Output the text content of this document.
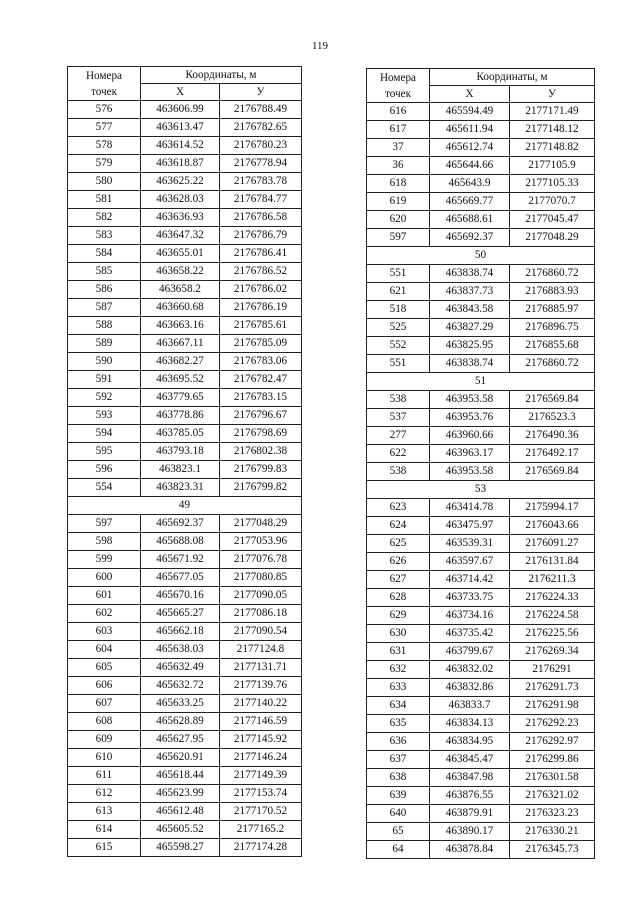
119
Номера
точек	Координаты, м	
	X	У
576	463606.99	2176788.49
577	463613.47	2176782.65
578	463614.52	2176780.23
579	463618.87	2176778.94
580	463625.22	2176783.78
581	463628.03	2176784.77
582	463636.93	2176786.58
583	463647.32	2176786.79
584	463655.01	2176786.41
585	463658.22	2176786.52
586	463658.2	2176786.02
587	463660.68	2176786.19
588	463663.16	2176785.61
589	463667.11	2176785.09
590	463682.27	2176783.06
591	463695.52	2176782.47
592	463779.65	2176783.15
593	463778.86	2176796.67
594	463785.05	2176798.69
595	463793.18	2176802.38
596	463823.1	2176799.83
554	463823.31	2176799.82
49		
597	465692.37	2177048.29
598	465688.08	2177053.96
599	465671.92	2177076.78
600	465677.05	2177080.85
601	465670.16	2177090.05
602	465665.27	2177086.18
603	465662.18	2177090.54
604	465638.03	2177124.8
605	465632.49	2177131.71
606	465632.72	2177139.76
607	465633.25	2177140.22
608	465628.89	2177146.59
609	465627.95	2177145.92
610	465620.91	2177146.24
611	465618.44	2177149.39
612	465623.99	2177153.74
613	465612.48	2177170.52
614	465605.52	2177165.2
615	465598.27	2177174.28
Номера
точек	Координаты, м	
	X	У
616	465594.49	2177171.49
617	465611.94	2177148.12
37	465612.74	2177148.82
36	465644.66	2177105.9
618	465643.9	2177105.33
619	465669.77	2177070.7
620	465688.61	2177045.47
597	465692.37	2177048.29
50		
551	463838.74	2176860.72
621	463837.73	2176883.93
518	463843.58	2176885.97
525	463827.29	2176896.75
552	463825.95	2176855.68
551	463838.74	2176860.72
51		
538	463953.58	2176569.84
537	463953.76	2176523.3
277	463960.66	2176490.36
622	463963.17	2176492.17
538	463953.58	2176569.84
53		
623	463414.78	2175994.17
624	463475.97	2176043.66
625	463539.31	2176091.27
626	463597.67	2176131.84
627	463714.42	2176211.3
628	463733.75	2176224.33
629	463734.16	2176224.58
630	463735.42	2176225.56
631	463799.67	2176269.34
632	463832.02	2176291
633	463832.86	2176291.73
634	463833.7	2176291.98
635	463834.13	2176292.23
636	463834.95	2176292.97
637	463845.47	2176299.86
638	463847.98	2176301.58
639	463876.55	2176321.02
640	463879.91	2176323.23
65	463890.17	2176330.21
64	463878.84	2176345.73
